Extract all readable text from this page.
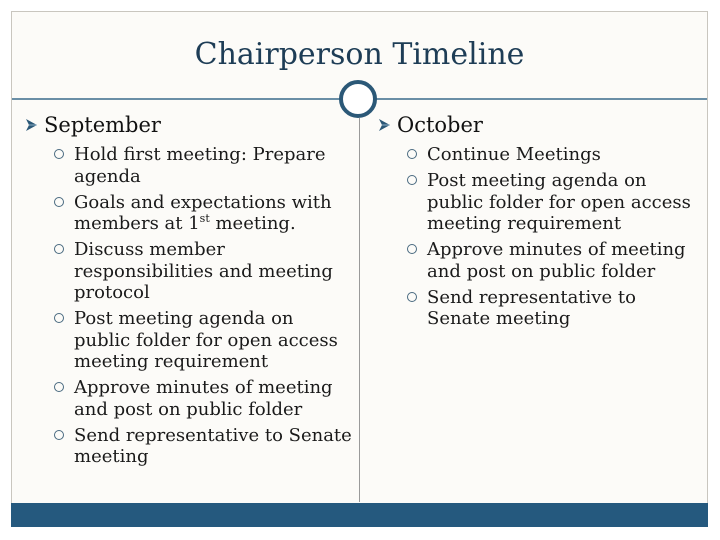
Chairperson Timeline
September
Hold first meeting: Prepare agenda
Goals and expectations with members at 1st meeting.
Discuss member responsibilities and meeting protocol
Post meeting agenda on public folder for open access meeting requirement
Approve minutes of meeting and post on public folder
Send representative to Senate meeting
October
Continue Meetings
Post meeting agenda on public folder for open access meeting requirement
Approve minutes of meeting and post on public folder
Send representative to Senate meeting
